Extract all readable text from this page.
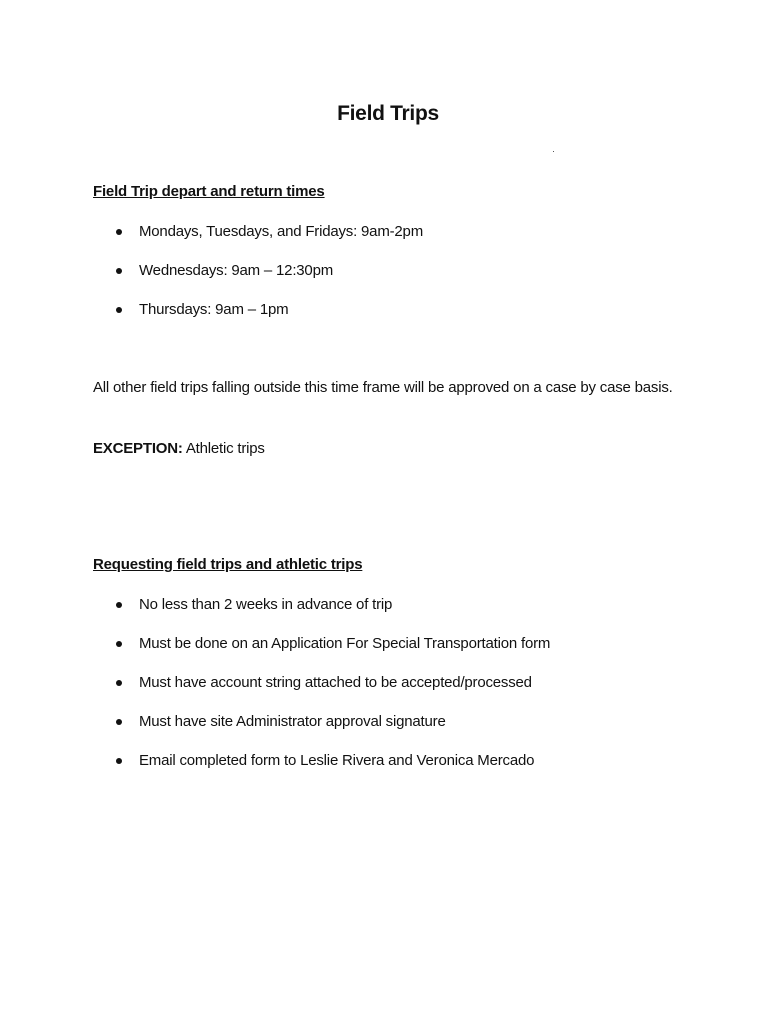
Field Trips
Field Trip depart and return times
Mondays, Tuesdays, and Fridays: 9am-2pm
Wednesdays: 9am – 12:30pm
Thursdays: 9am – 1pm
All other field trips falling outside this time frame will be approved on a case by case basis.
EXCEPTION: Athletic trips
Requesting field trips and athletic trips
No less than 2 weeks in advance of trip
Must be done on an Application For Special Transportation form
Must have account string attached to be accepted/processed
Must have site Administrator approval signature
Email completed form to Leslie Rivera and Veronica Mercado
